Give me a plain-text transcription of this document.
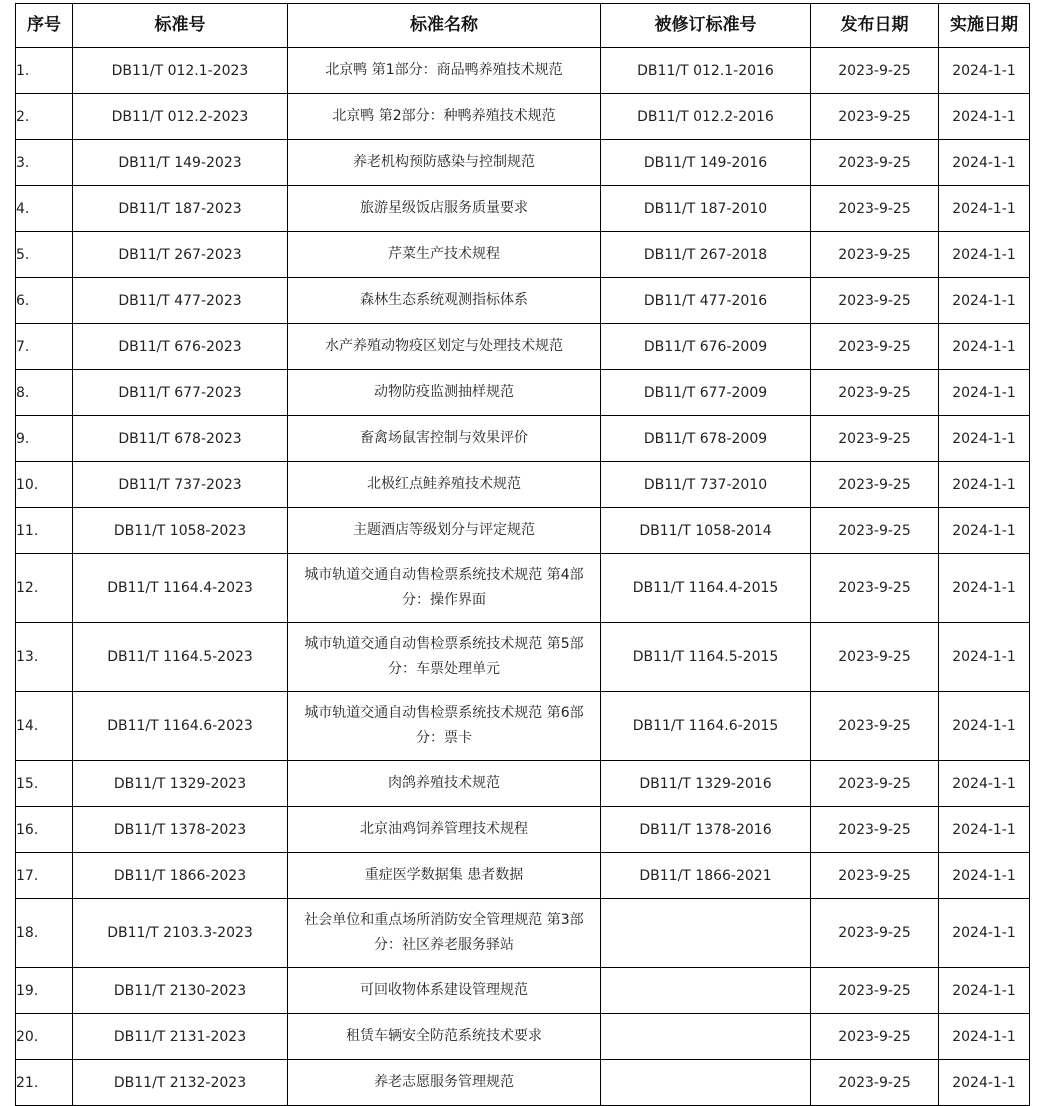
序号	标准号	标准名称	被修订标准号	发布日期	实施日期
1.	DB11/T 012.1-2023	北京鸭 第1部分：商品鸭养殖技术规范	DB11/T 012.1-2016	2023-9-25	2024-1-1
2.	DB11/T 012.2-2023	北京鸭 第2部分：种鸭养殖技术规范	DB11/T 012.2-2016	2023-9-25	2024-1-1
3.	DB11/T 149-2023	养老机构预防感染与控制规范	DB11/T 149-2016	2023-9-25	2024-1-1
4.	DB11/T 187-2023	旅游星级饭店服务质量要求	DB11/T 187-2010	2023-9-25	2024-1-1
5.	DB11/T 267-2023	芹菜生产技术规程	DB11/T 267-2018	2023-9-25	2024-1-1
6.	DB11/T 477-2023	森林生态系统观测指标体系	DB11/T 477-2016	2023-9-25	2024-1-1
7.	DB11/T 676-2023	水产养殖动物疫区划定与处理技术规范	DB11/T 676-2009	2023-9-25	2024-1-1
8.	DB11/T 677-2023	动物防疫监测抽样规范	DB11/T 677-2009	2023-9-25	2024-1-1
9.	DB11/T 678-2023	畜禽场鼠害控制与效果评价	DB11/T 678-2009	2023-9-25	2024-1-1
10.	DB11/T 737-2023	北极红点鲑养殖技术规范	DB11/T 737-2010	2023-9-25	2024-1-1
11.	DB11/T 1058-2023	主题酒店等级划分与评定规范	DB11/T 1058-2014	2023-9-25	2024-1-1
12.	DB11/T 1164.4-2023	城市轨道交通自动售检票系统技术规范 第4部分：操作界面	DB11/T 1164.4-2015	2023-9-25	2024-1-1
13.	DB11/T 1164.5-2023	城市轨道交通自动售检票系统技术规范 第5部分：车票处理单元	DB11/T 1164.5-2015	2023-9-25	2024-1-1
14.	DB11/T 1164.6-2023	城市轨道交通自动售检票系统技术规范 第6部分：票卡	DB11/T 1164.6-2015	2023-9-25	2024-1-1
15.	DB11/T 1329-2023	肉鸽养殖技术规范	DB11/T 1329-2016	2023-9-25	2024-1-1
16.	DB11/T 1378-2023	北京油鸡饲养管理技术规程	DB11/T 1378-2016	2023-9-25	2024-1-1
17.	DB11/T 1866-2023	重症医学数据集 患者数据	DB11/T 1866-2021	2023-9-25	2024-1-1
18.	DB11/T 2103.3-2023	社会单位和重点场所消防安全管理规范 第3部分：社区养老服务驿站		2023-9-25	2024-1-1
19.	DB11/T 2130-2023	可回收物体系建设管理规范		2023-9-25	2024-1-1
20.	DB11/T 2131-2023	租赁车辆安全防范系统技术要求		2023-9-25	2024-1-1
21.	DB11/T 2132-2023	养老志愿服务管理规范		2023-9-25	2024-1-1
